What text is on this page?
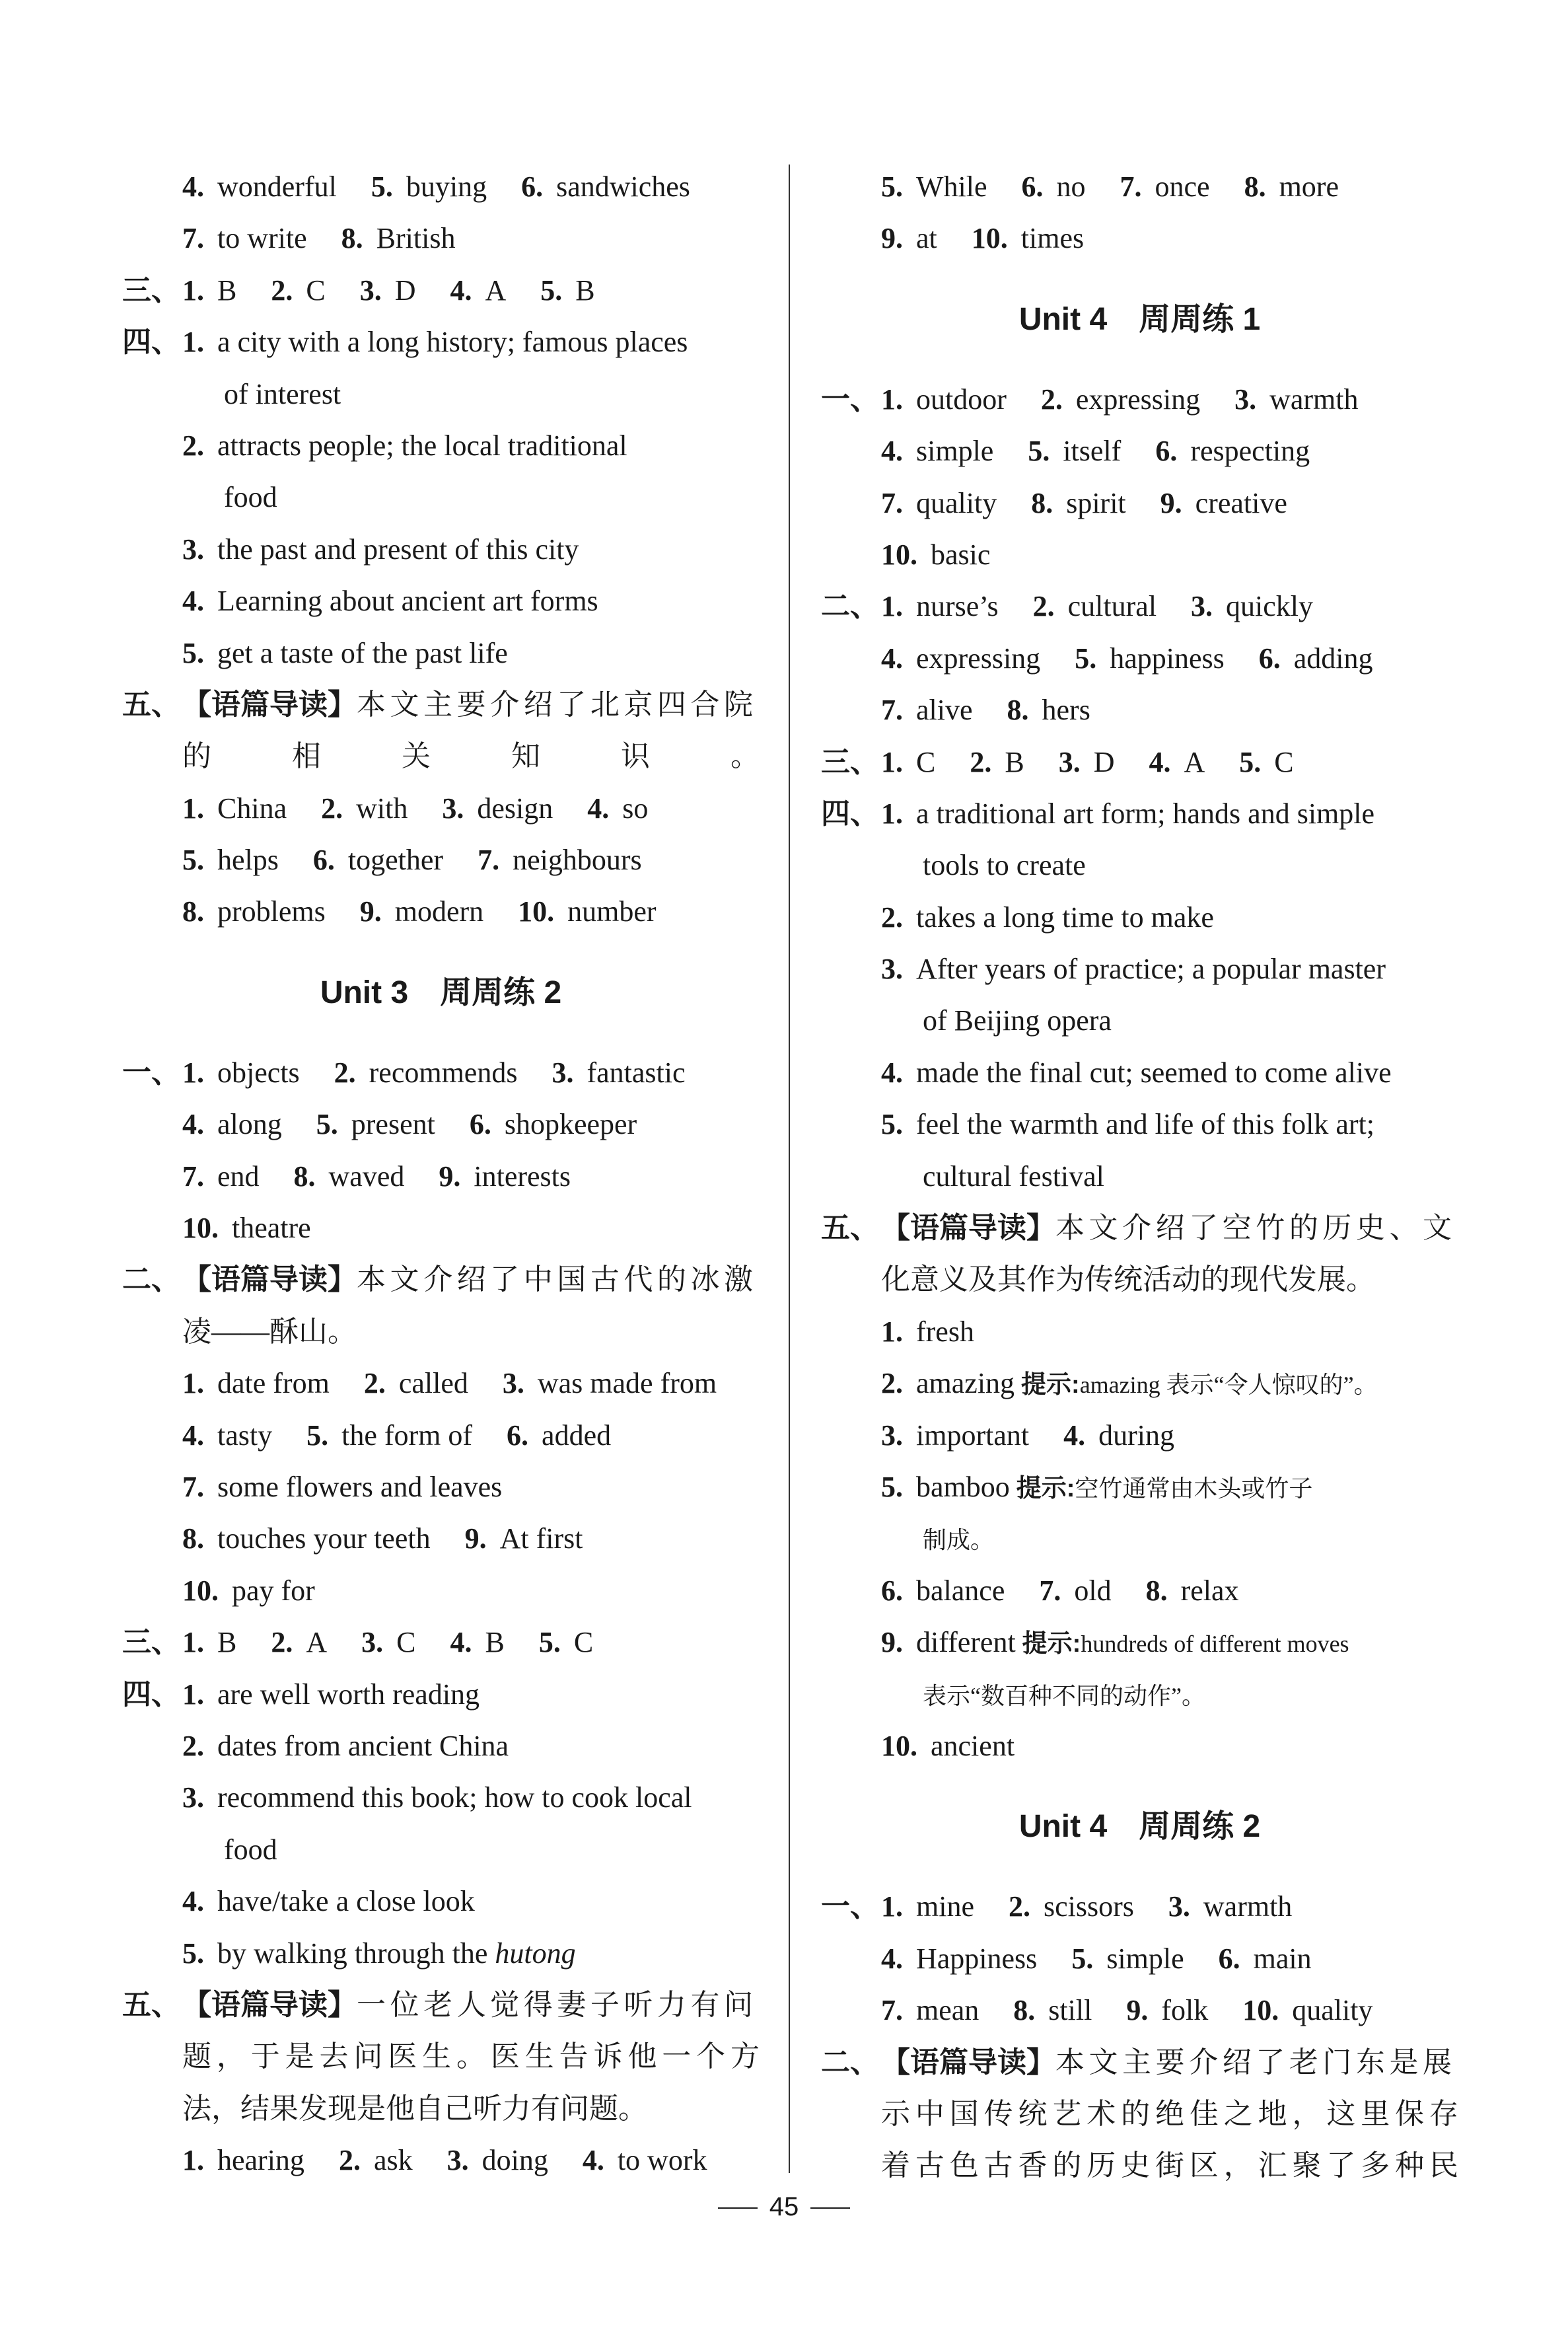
4. wonderful 5. buying 6. sandwiches
7. to write 8. British
三、1. B 2. C 3. D 4. A 5. B
四、1. a city with a long history; famous places
of interest
2. attracts people; the local traditional
food
3. the past and present of this city
4. Learning about ancient art forms
5. get a taste of the past life
五、【语篇导读】本文主要介绍了北京四合院
的相关知识。
1. China 2. with 3. design 4. so
5. helps 6. together 7. neighbours
8. problems 9. modern 10. number
Unit 3　周周练 2
一、1. objects 2. recommends 3. fantastic
4. along 5. present 6. shopkeeper
7. end 8. waved 9. interests
10. theatre
二、【语篇导读】本文介绍了中国古代的冰激
凌——酥山。
1. date from 2. called 3. was made from
4. tasty 5. the form of 6. added
7. some flowers and leaves
8. touches your teeth 9. At first
10. pay for
三、1. B 2. A 3. C 4. B 5. C
四、1. are well worth reading
2. dates from ancient China
3. recommend this book; how to cook local
food
4. have/take a close look
5. by walking through the hutong
五、【语篇导读】一位老人觉得妻子听力有问
题，于是去问医生。医生告诉他一个方
法，结果发现是他自己听力有问题。
1. hearing 2. ask 3. doing 4. to work
5. While 6. no 7. once 8. more
9. at 10. times
Unit 4　周周练 1
一、1. outdoor 2. expressing 3. warmth
4. simple 5. itself 6. respecting
7. quality 8. spirit 9. creative
10. basic
二、1. nurse’s 2. cultural 3. quickly
4. expressing 5. happiness 6. adding
7. alive 8. hers
三、1. C 2. B 3. D 4. A 5. C
四、1. a traditional art form; hands and simple
tools to create
2. takes a long time to make
3. After years of practice; a popular master
of Beijing opera
4. made the final cut; seemed to come alive
5. feel the warmth and life of this folk art;
cultural festival
五、【语篇导读】本文介绍了空竹的历史、文
化意义及其作为传统活动的现代发展。
1. fresh
2. amazing 提示:amazing 表示“令人惊叹的”。
3. important 4. during
5. bamboo 提示:空竹通常由木头或竹子
制成。
6. balance 7. old 8. relax
9. different 提示:hundreds of different moves
表示“数百种不同的动作”。
10. ancient
Unit 4　周周练 2
一、1. mine 2. scissors 3. warmth
4. Happiness 5. simple 6. main
7. mean 8. still 9. folk 10. quality
二、【语篇导读】本文主要介绍了老门东是展
示中国传统艺术的绝佳之地，这里保存
着古色古香的历史街区，汇聚了多种民
45
